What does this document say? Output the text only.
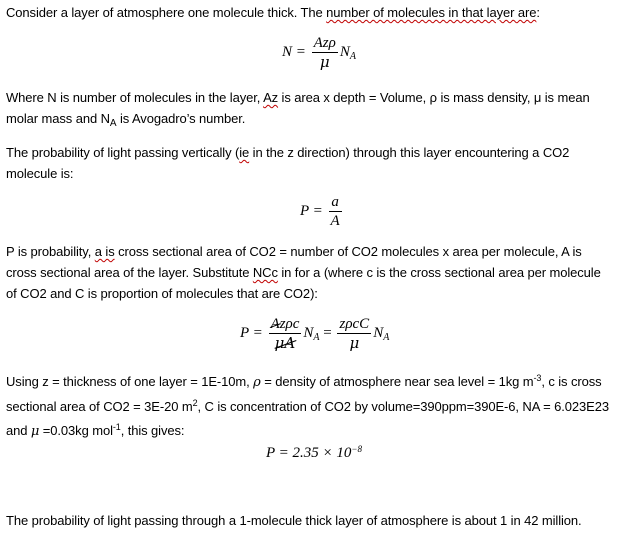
Consider a layer of atmosphere one molecule thick. The number of molecules in that layer are:
$N = \frac{\text{Azρ}}{\mu} N_A$
Where N is number of molecules in the layer, Az is area x depth = Volume, ρ is mass density, μ is mean
molar mass and $N_A$ is Avogadro’s number.
The probability of light passing vertically (ie in the z direction) through this layer encountering a CO2
molecule is:
$P = \frac{a}{A}$
P is probability, a is cross sectional area of CO2 = number of CO2 molecules x area per molecule, A is
cross sectional area of the layer. Substitute NCc in for a (where c is the cross sectional area per molecule
of CO2 and C is proportion of molecules that are CO2):
$P = \frac{\text{Azρc}}{\mu A} N_A = \frac{\text{zρcC}}{\mu} N_A$
Using z = thickness of one layer = 1E-10m, ρ = density of atmosphere near sea level = 1kg $m^{-3}$, c is cross
sectional area of CO2 = 3E-20 $m^2$, C is concentration of CO2 by volume=390ppm=390E-6, NA = 6.023E23
and μ =0.03kg mol$^{-1}$, this gives:
$P = 2.35 \times 10^{-8}$
The probability of light passing through a 1-molecule thick layer of atmosphere is about 1 in 42 million.
